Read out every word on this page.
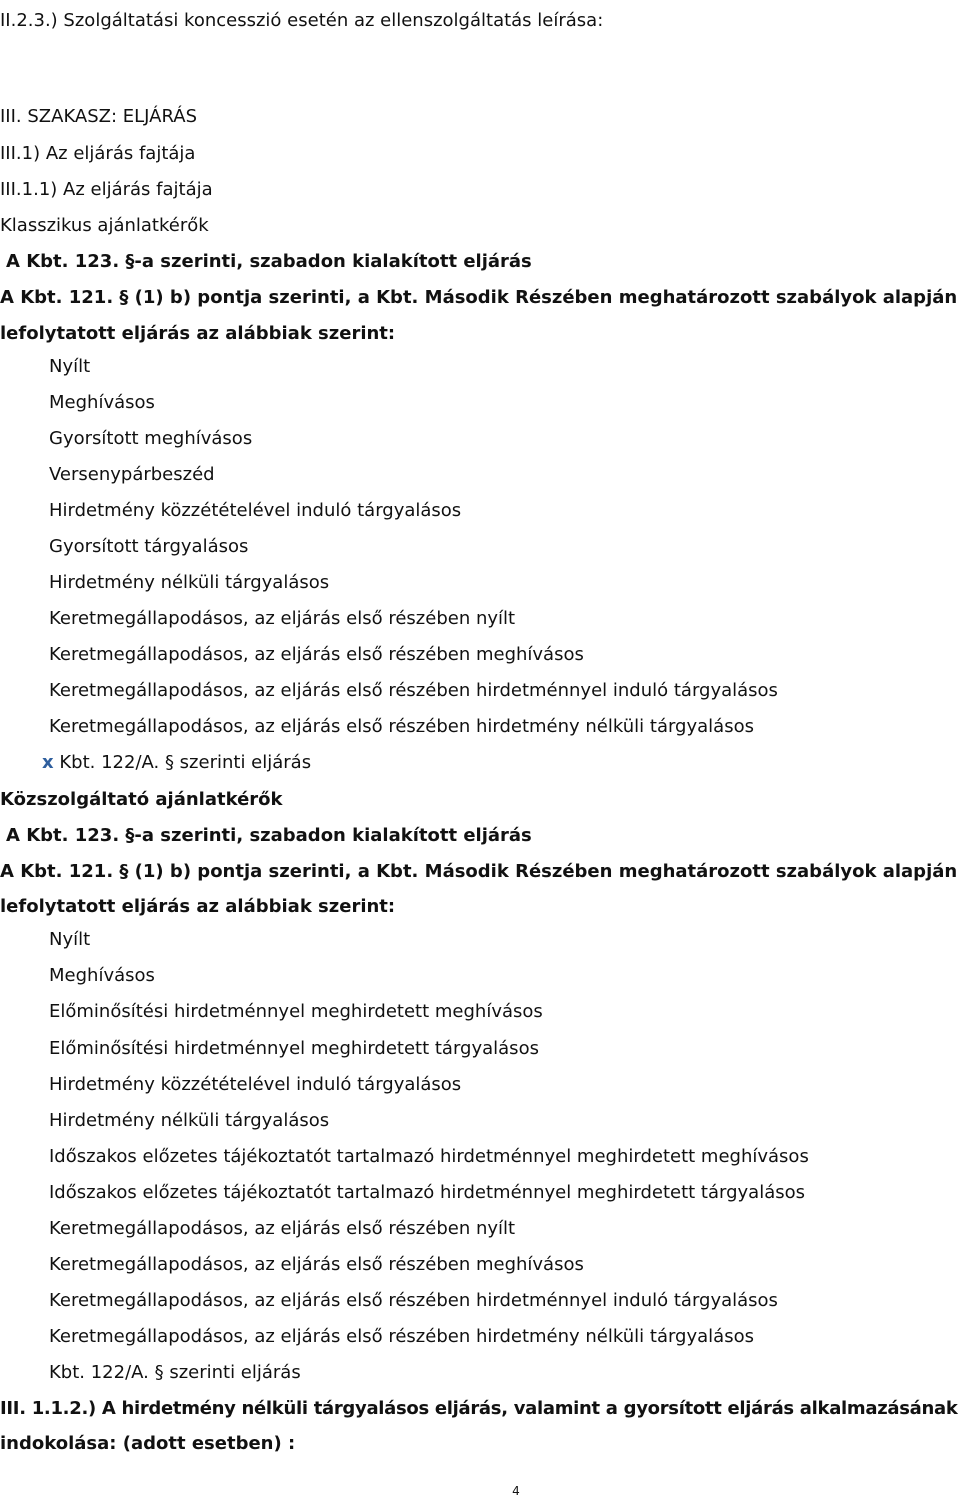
II.2.3.) Szolgáltatási koncesszió esetén az ellenszolgáltatás leírása:
III. SZAKASZ: ELJÁRÁS
III.1) Az eljárás fajtája
III.1.1) Az eljárás fajtája
Klasszikus ajánlatkérők
A Kbt. 123. §-a szerinti, szabadon kialakított eljárás
A Kbt. 121. § (1) b) pontja szerinti, a Kbt. Második Részében meghatározott szabályok alapján
lefolytatott eljárás az alábbiak szerint:
Nyílt
Meghívásos
Gyorsított meghívásos
Versenypárbeszéd
Hirdetmény közzétételével induló tárgyalásos
Gyorsított tárgyalásos
Hirdetmény nélküli tárgyalásos
Keretmegállapodásos, az eljárás első részében nyílt
Keretmegállapodásos, az eljárás első részében meghívásos
Keretmegállapodásos, az eljárás első részében hirdetménnyel induló tárgyalásos
Keretmegállapodásos, az eljárás első részében hirdetmény nélküli tárgyalásos
x Kbt. 122/A. § szerinti eljárás
Közszolgáltató ajánlatkérők
A Kbt. 123. §-a szerinti, szabadon kialakított eljárás
A Kbt. 121. § (1) b) pontja szerinti, a Kbt. Második Részében meghatározott szabályok alapján
lefolytatott eljárás az alábbiak szerint:
Nyílt
Meghívásos
Előminősítési hirdetménnyel meghirdetett meghívásos
Előminősítési hirdetménnyel meghirdetett tárgyalásos
Hirdetmény közzétételével induló tárgyalásos
Hirdetmény nélküli tárgyalásos
Időszakos előzetes tájékoztatót tartalmazó hirdetménnyel meghirdetett meghívásos
Időszakos előzetes tájékoztatót tartalmazó hirdetménnyel meghirdetett tárgyalásos
Keretmegállapodásos, az eljárás első részében nyílt
Keretmegállapodásos, az eljárás első részében meghívásos
Keretmegállapodásos, az eljárás első részében hirdetménnyel induló tárgyalásos
Keretmegállapodásos, az eljárás első részében hirdetmény nélküli tárgyalásos
Kbt. 122/A. § szerinti eljárás
III. 1.1.2.) A hirdetmény nélküli tárgyalásos eljárás, valamint a gyorsított eljárás alkalmazásának
indokolása: (adott esetben) :
4
